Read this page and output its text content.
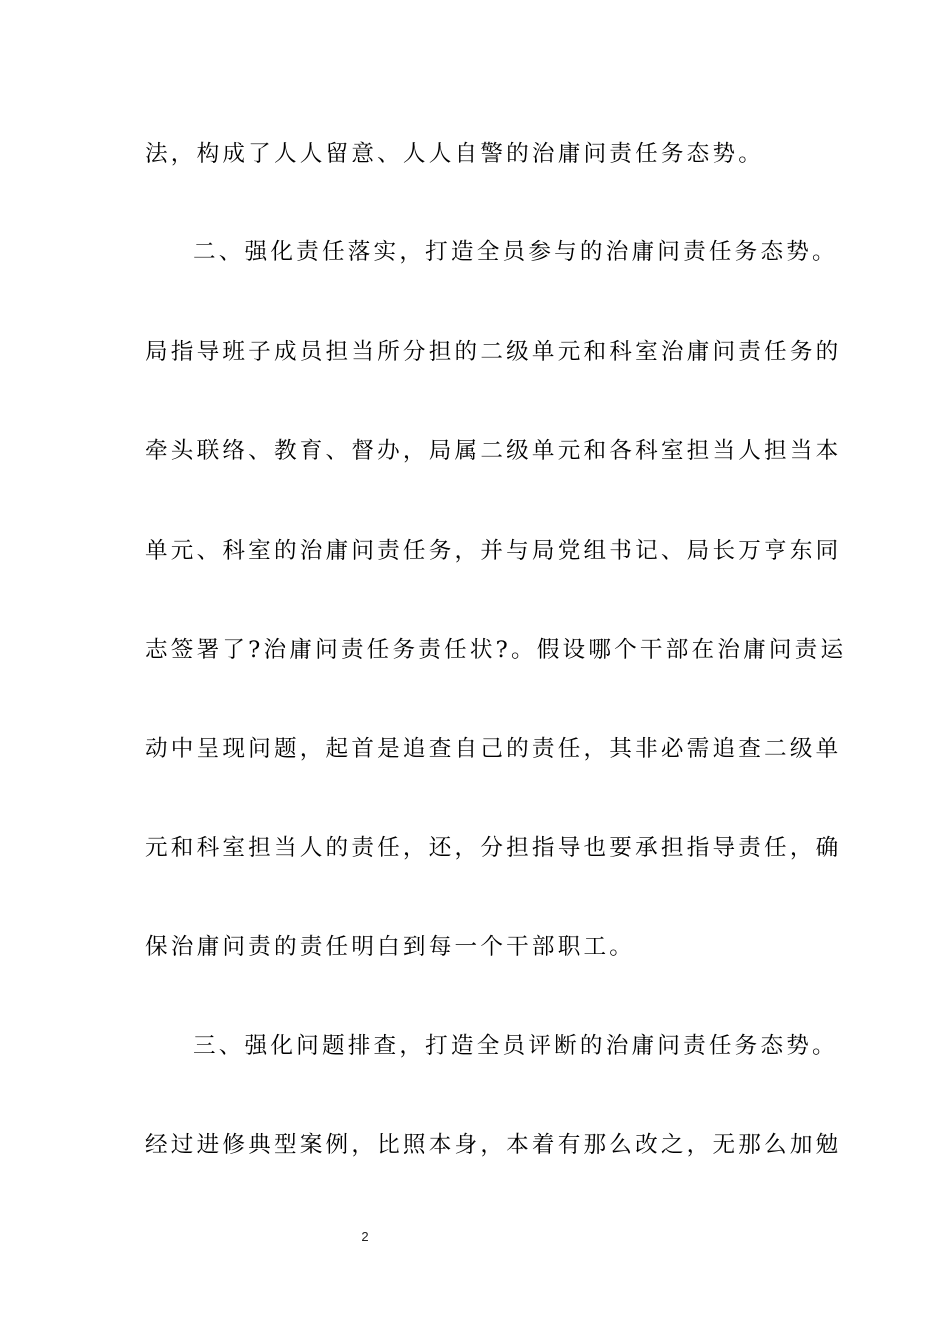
法，构成了人人留意、人人自警的治庸问责任务态势。
二、强化责任落实，打造全员参与的治庸问责任务态势。
局指导班子成员担当所分担的二级单元和科室治庸问责任务的
牵头联络、教育、督办，局属二级单元和各科室担当人担当本
单元、科室的治庸问责任务，并与局党组书记、局长万亨东同
志签署了?治庸问责任务责任状?。假设哪个干部在治庸问责运
动中呈现问题，起首是追查自己的责任，其非必需追查二级单
元和科室担当人的责任，还，分担指导也要承担指导责任，确
保治庸问责的责任明白到每一个干部职工。
三、强化问题排查，打造全员评断的治庸问责任务态势。
经过进修典型案例，比照本身，本着有那么改之，无那么加勉
2
